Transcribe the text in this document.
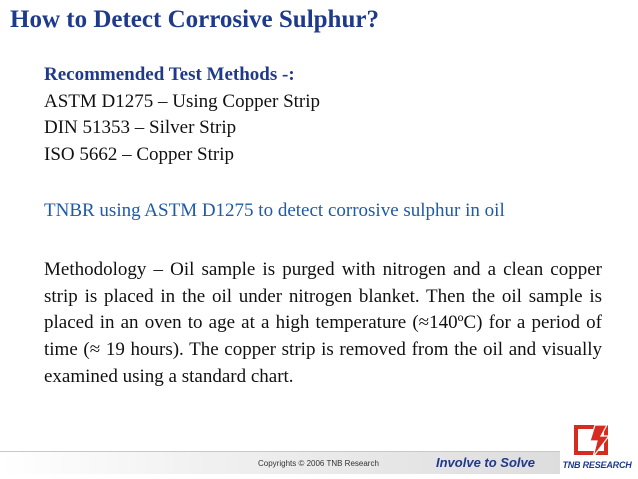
How to Detect Corrosive Sulphur?
Recommended Test Methods -:
ASTM D1275 – Using Copper Strip
DIN 51353 – Silver Strip
ISO 5662 – Copper Strip
TNBR using ASTM D1275 to detect corrosive sulphur in oil
Methodology – Oil sample is purged with nitrogen and a clean copper strip is placed in the oil under nitrogen blanket. Then the oil sample is placed in an oven to age at a high temperature (≈140ºC) for a period of time (≈ 19 hours). The copper strip is removed from the oil and visually examined using a standard chart.
Copyrights © 2006 TNB Research	Involve to Solve	TNB RESEARCH
